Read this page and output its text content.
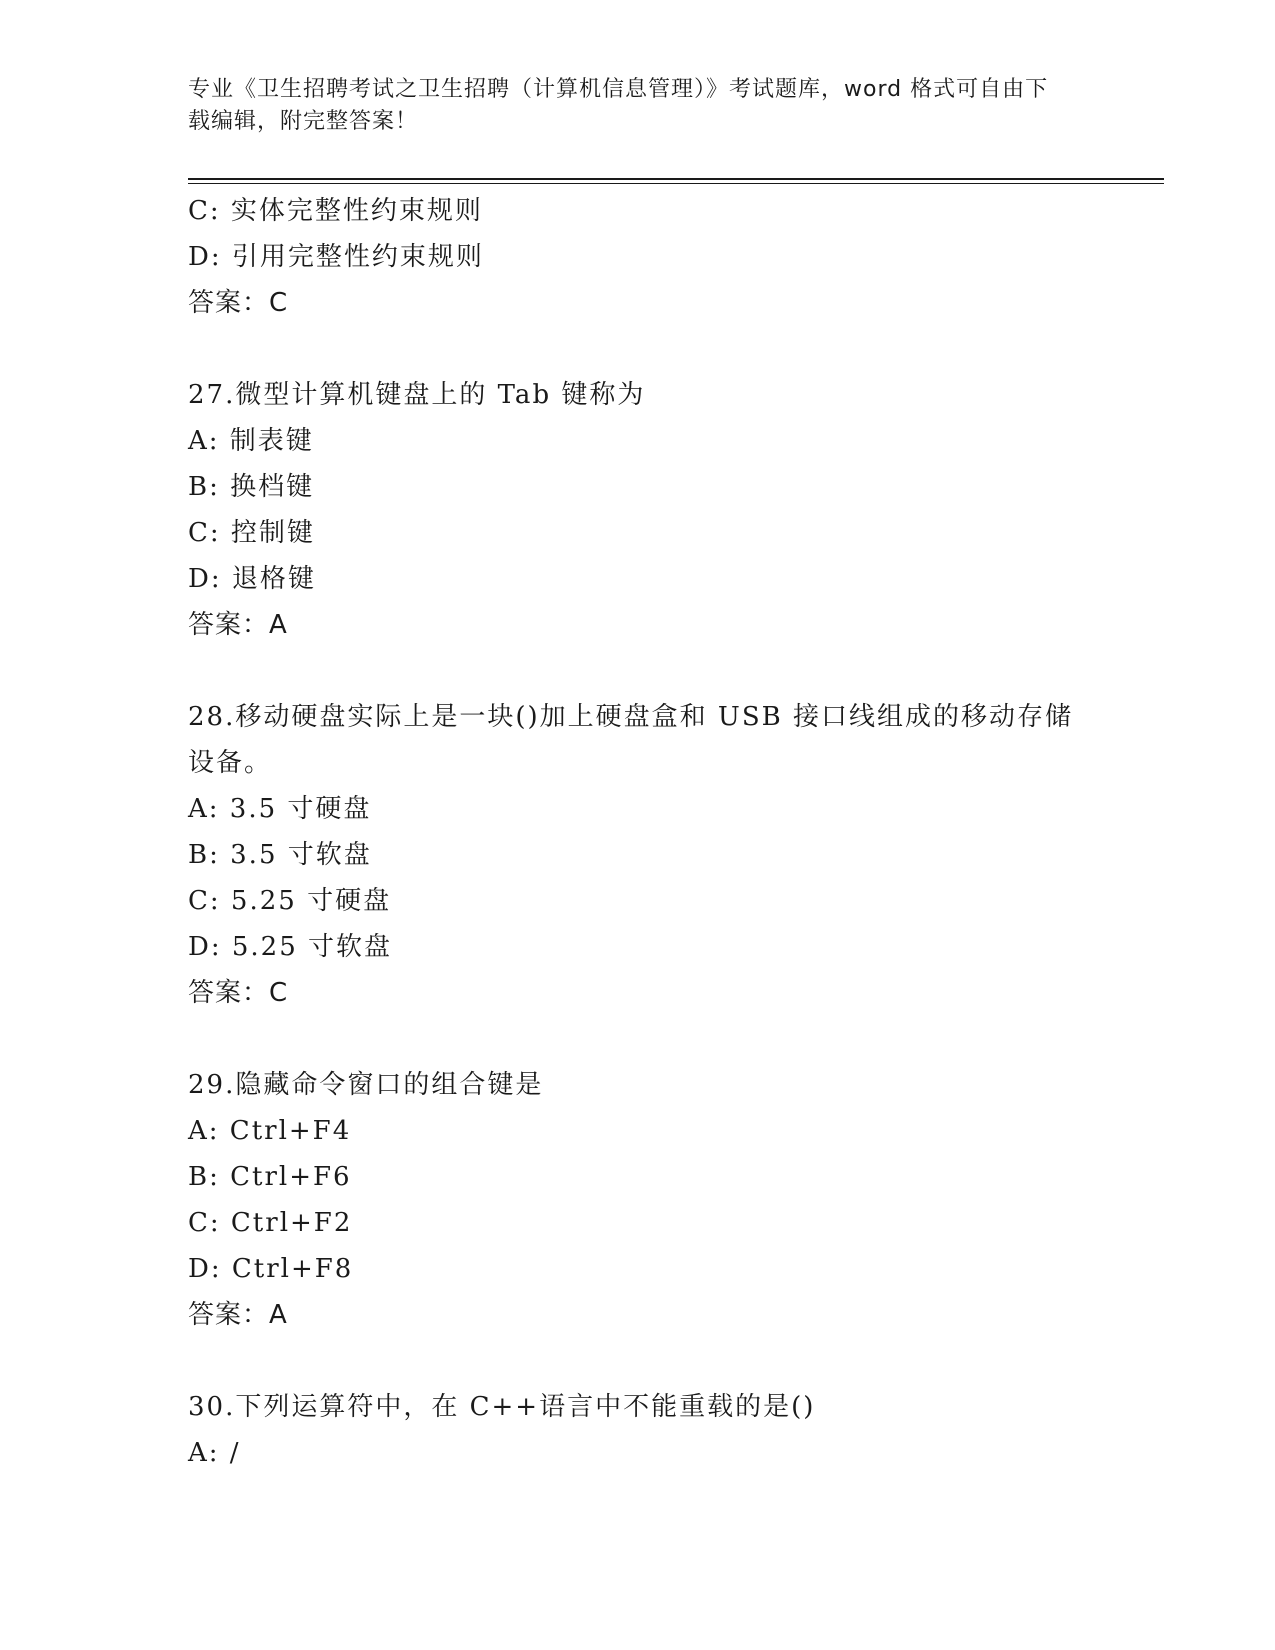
专业《卫生招聘考试之卫生招聘（计算机信息管理）》考试题库，word 格式可自由下载编辑，附完整答案！
C: 实体完整性约束规则
D: 引用完整性约束规则
答案：C
27.微型计算机键盘上的 Tab 键称为
A: 制表键
B: 换档键
C: 控制键
D: 退格键
答案：A
28.移动硬盘实际上是一块()加上硬盘盒和 USB 接口线组成的移动存储设备。
A: 3.5 寸硬盘
B: 3.5 寸软盘
C: 5.25 寸硬盘
D: 5.25 寸软盘
答案：C
29.隐藏命令窗口的组合键是
A: Ctrl+F4
B: Ctrl+F6
C: Ctrl+F2
D: Ctrl+F8
答案：A
30.下列运算符中，在 C++语言中不能重载的是()
A: /
